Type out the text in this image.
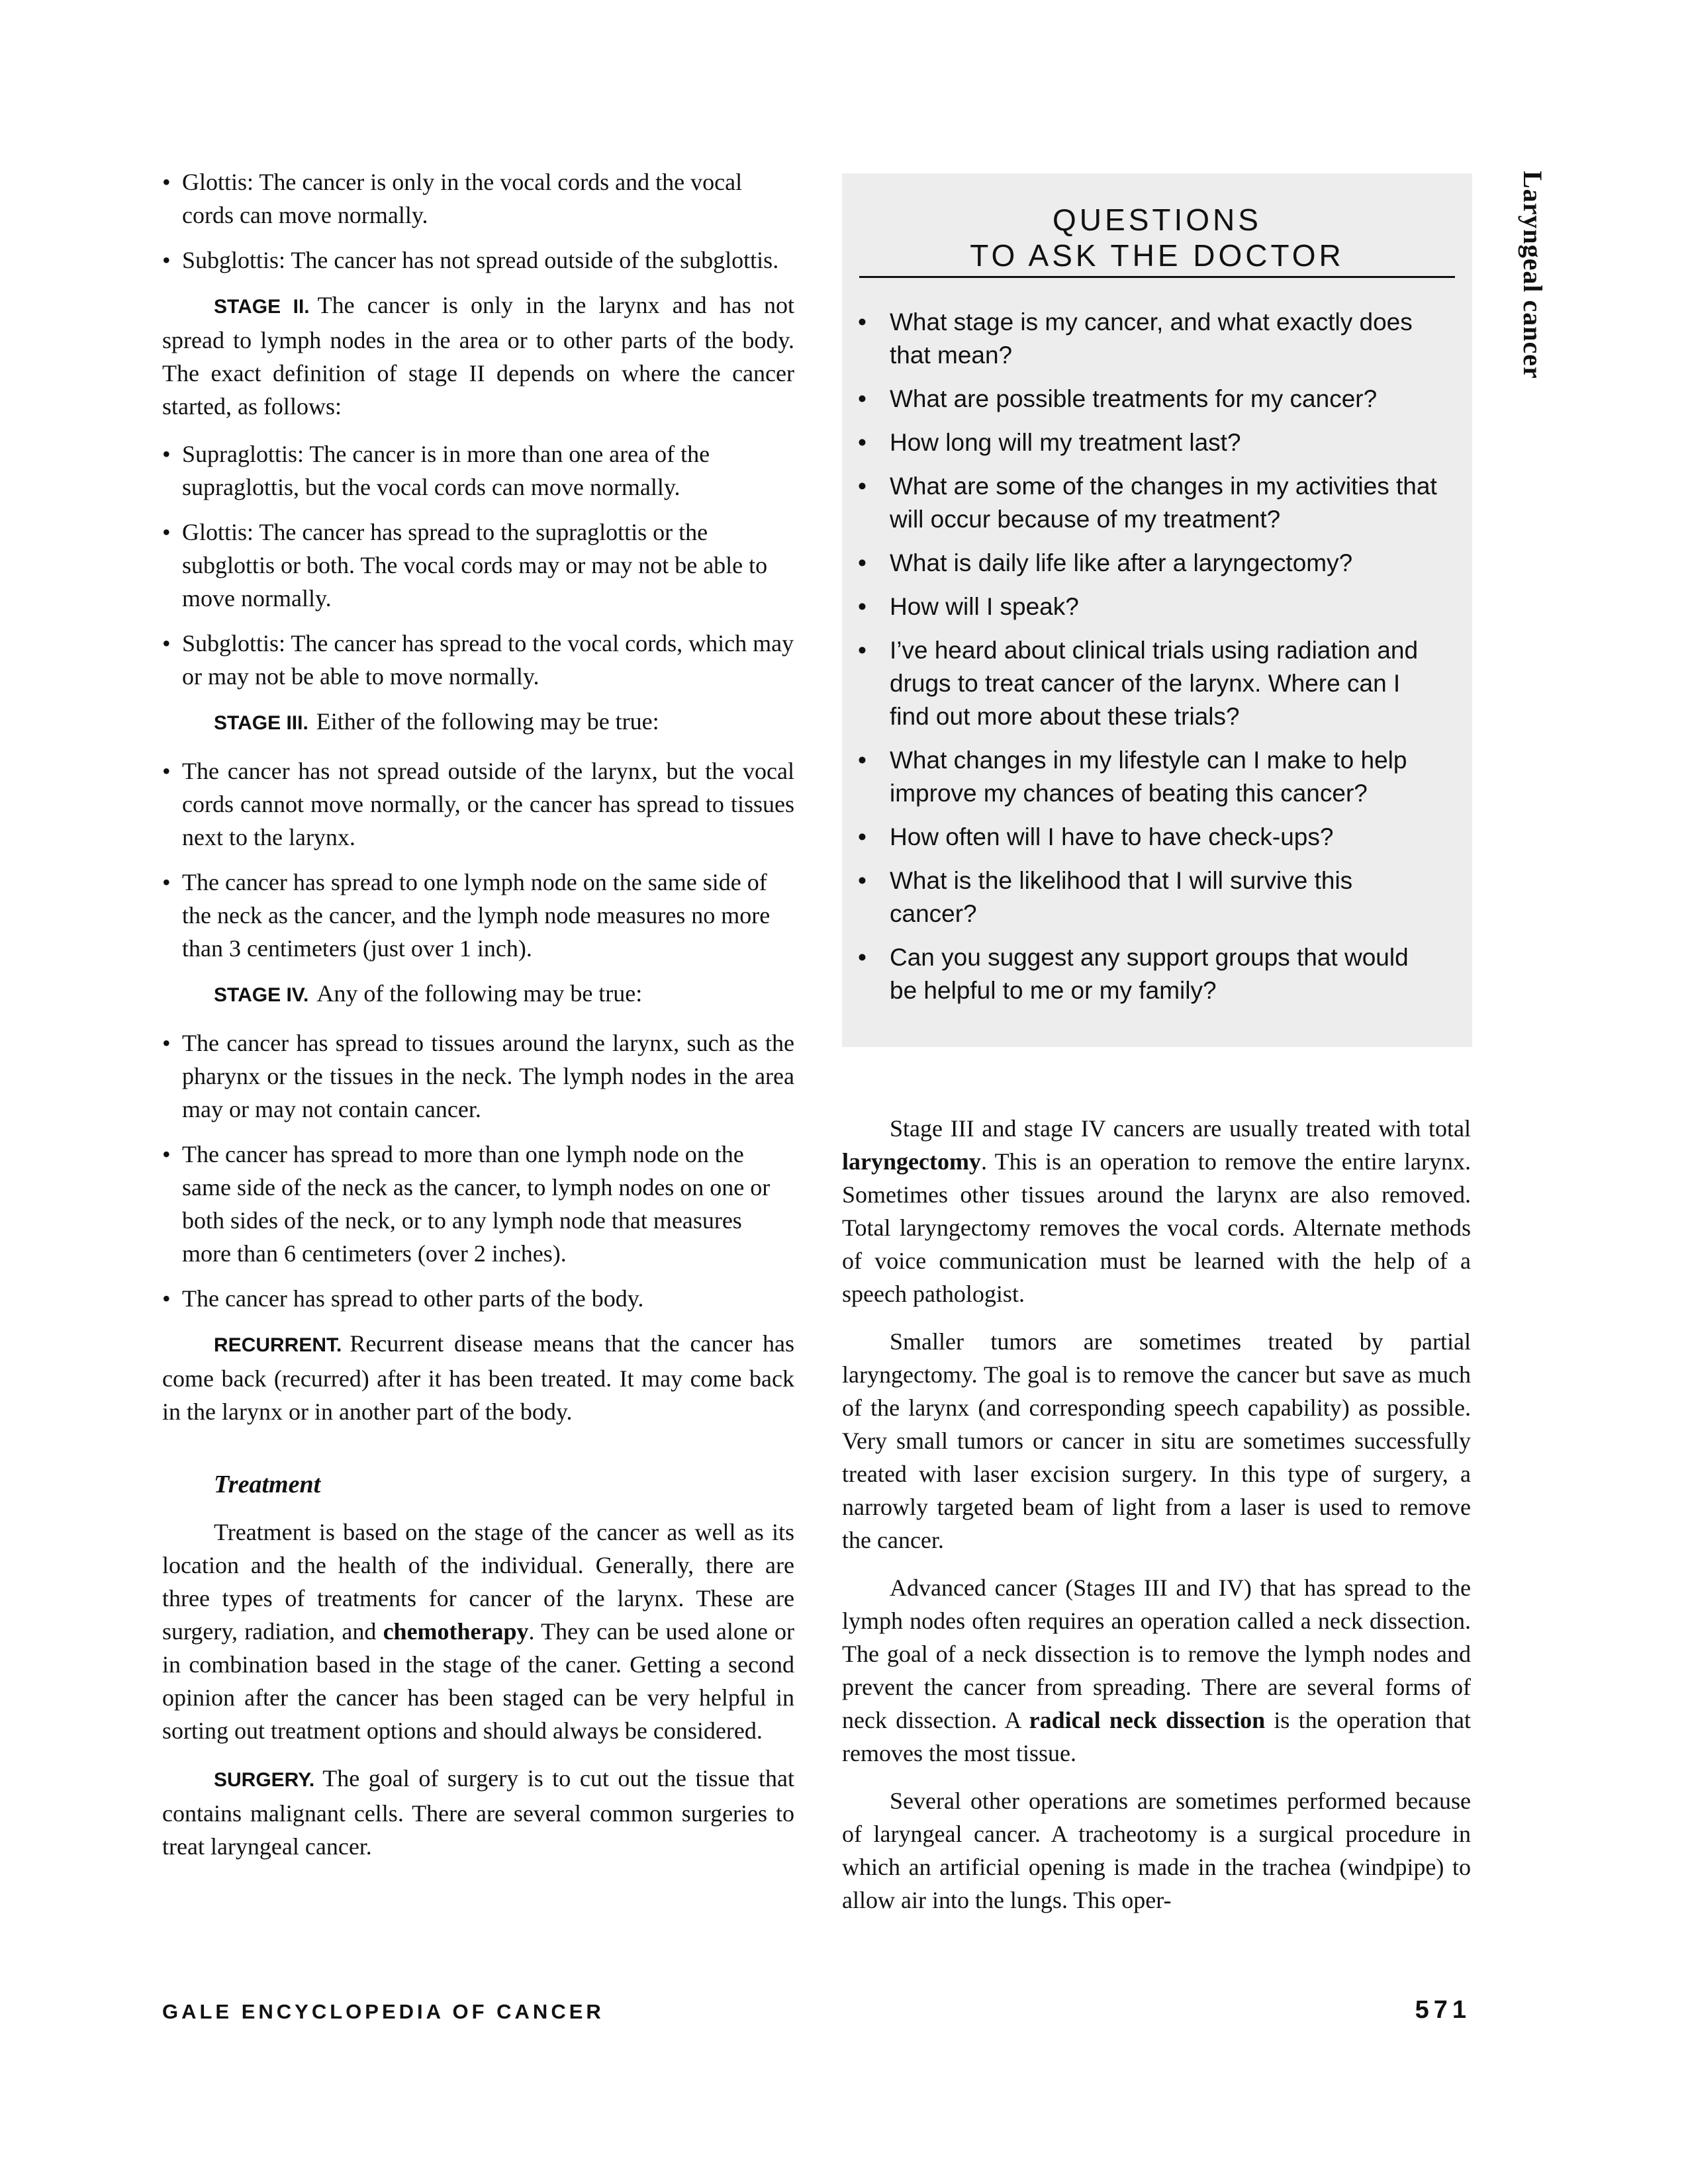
• Glottis: The cancer is only in the vocal cords and the vocal cords can move normally.

• Subglottis: The cancer has not spread outside of the subglottis.

STAGE II. The cancer is only in the larynx and has not spread to lymph nodes in the area or to other parts of the body. The exact definition of stage II depends on where the cancer started, as follows:

• Supraglottis: The cancer is in more than one area of the supraglottis, but the vocal cords can move normally.

• Glottis: The cancer has spread to the supraglottis or the subglottis or both. The vocal cords may or may not be able to move normally.

• Subglottis: The cancer has spread to the vocal cords, which may or may not be able to move normally.

STAGE III. Either of the following may be true:

• The cancer has not spread outside of the larynx, but the vocal cords cannot move normally, or the cancer has spread to tissues next to the larynx.

• The cancer has spread to one lymph node on the same side of the neck as the cancer, and the lymph node measures no more than 3 centimeters (just over 1 inch).

STAGE IV. Any of the following may be true:

• The cancer has spread to tissues around the larynx, such as the pharynx or the tissues in the neck. The lymph nodes in the area may or may not contain cancer.

• The cancer has spread to more than one lymph node on the same side of the neck as the cancer, to lymph nodes on one or both sides of the neck, or to any lymph node that measures more than 6 centimeters (over 2 inches).

• The cancer has spread to other parts of the body.

RECURRENT. Recurrent disease means that the cancer has come back (recurred) after it has been treated. It may come back in the larynx or in another part of the body.

Treatment

Treatment is based on the stage of the cancer as well as its location and the health of the individual. Generally, there are three types of treatments for cancer of the larynx. These are surgery, radiation, and chemotherapy. They can be used alone or in combination based in the stage of the caner. Getting a second opinion after the cancer has been staged can be very helpful in sorting out treatment options and should always be considered.

SURGERY. The goal of surgery is to cut out the tissue that contains malignant cells. There are several common surgeries to treat laryngeal cancer.

QUESTIONS
TO ASK THE DOCTOR

• What stage is my cancer, and what exactly does that mean?

• What are possible treatments for my cancer?

• How long will my treatment last?

• What are some of the changes in my activities that will occur because of my treatment?

• What is daily life like after a laryngectomy?

• How will I speak?

• I’ve heard about clinical trials using radiation and drugs to treat cancer of the larynx. Where can I find out more about these trials?

• What changes in my lifestyle can I make to help improve my chances of beating this cancer?

• How often will I have to have check-ups?

• What is the likelihood that I will survive this cancer?

• Can you suggest any support groups that would be helpful to me or my family?

Stage III and stage IV cancers are usually treated with total laryngectomy. This is an operation to remove the entire larynx. Sometimes other tissues around the larynx are also removed. Total laryngectomy removes the vocal cords. Alternate methods of voice communication must be learned with the help of a speech pathologist.

Smaller tumors are sometimes treated by partial laryngectomy. The goal is to remove the cancer but save as much of the larynx (and corresponding speech capability) as possible. Very small tumors or cancer in situ are sometimes successfully treated with laser excision surgery. In this type of surgery, a narrowly targeted beam of light from a laser is used to remove the cancer.

Advanced cancer (Stages III and IV) that has spread to the lymph nodes often requires an operation called a neck dissection. The goal of a neck dissection is to remove the lymph nodes and prevent the cancer from spreading. There are several forms of neck dissection. A radical neck dissection is the operation that removes the most tissue.

Several other operations are sometimes performed because of laryngeal cancer. A tracheotomy is a surgical procedure in which an artificial opening is made in the trachea (windpipe) to allow air into the lungs. This oper-

Laryngeal cancer
GALE ENCYCLOPEDIA OF CANCER	571
